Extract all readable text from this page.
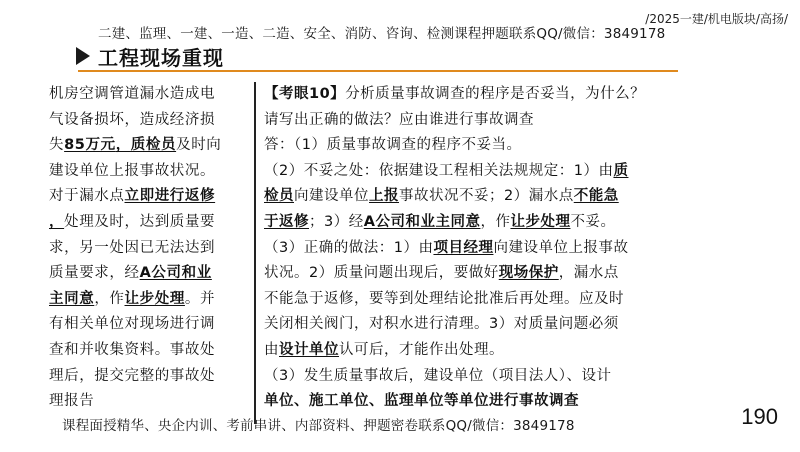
二建、监理、一建、一造、二造、安全、消防、咨询、检测课程押题联系QQ/微信：3849178
/2025一建/机电版块/高扬/
工程现场重现
机房空调管道漏水造成电
气设备损坏，造成经济损
失85万元，质检员及时向
建设单位上报事故状况。
对于漏水点立即进行返修
，处理及时，达到质量要
求，另一处因已无法达到
质量要求，经A公司和业
主同意，作让步处理。并
有相关单位对现场进行调
查和并收集资料。事故处
理后，提交完整的事故处
理报告
【考眼10】分析质量事故调查的程序是否妥当，为什么？
请写出正确的做法？应由谁进行事故调查
答：（1）质量事故调查的程序不妥当。
（2）不妥之处：依据建设工程相关法规规定：1）由质
检员向建设单位上报事故状况不妥；2）漏水点不能急
于返修；3）经A公司和业主同意，作让步处理不妥。
（3）正确的做法：1）由项目经理向建设单位上报事故
状况。2）质量问题出现后，要做好现场保护，漏水点
不能急于返修，要等到处理结论批准后再处理。应及时
关闭相关阀门，对积水进行清理。3）对质量问题必须
由设计单位认可后，才能作出处理。
（3）发生质量事故后，建设单位（项目法人）、设计
单位、施工单位、监理单位等单位进行事故调查
课程面授精华、央企内训、考前串讲、内部资料、押题密卷联系QQ/微信：3849178	190
